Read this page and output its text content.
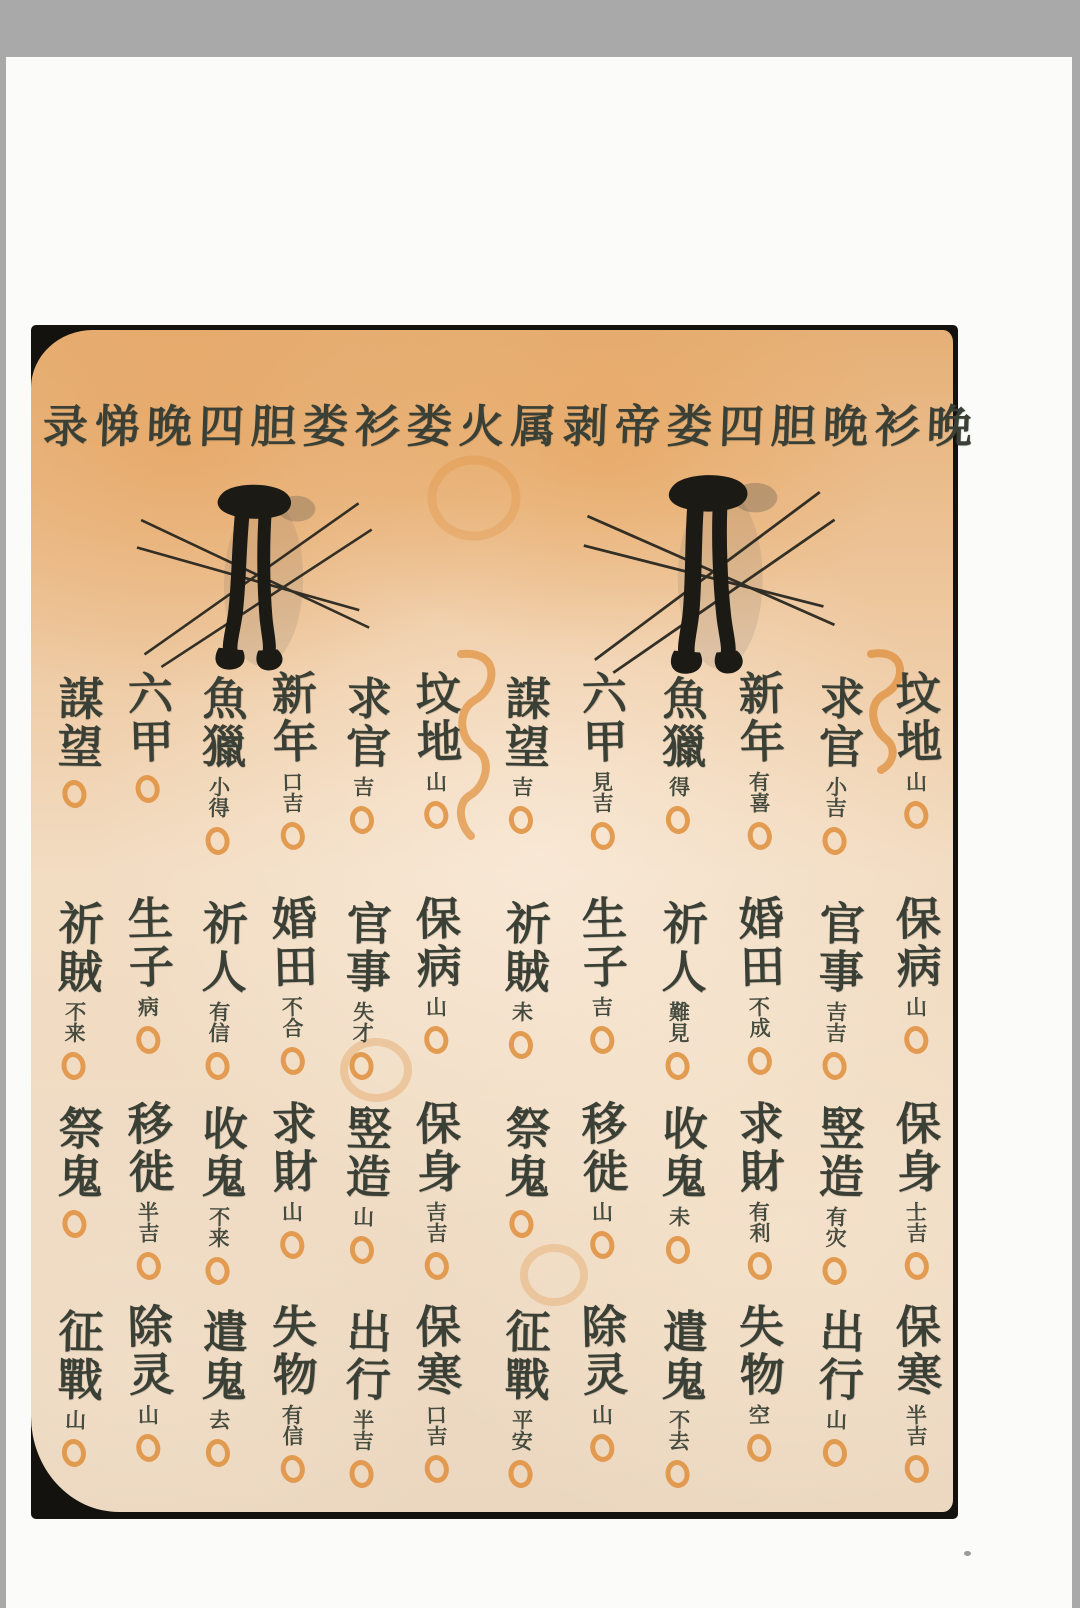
录悌晚四胆娄
衫娄
火属剥帝娄四胆
晚衫晚
坟地
山
求官
小吉
新年
有喜
魚獵
得
六甲
見吉
謀望
吉
保病
山
官事
吉吉
婚田
不成
祈人
難見
生子
吉
祈賊
未
保身
士吉
竪造
有灾
求財
有利
收鬼
未
移徙
山
祭鬼
保寒
半吉
出行
山
失物
空
遣鬼
不去
除灵
山
征戰
平安
坟地
山
求官
吉
新年
口吉
魚獵
小得
六甲
謀望
保病
山
官事
失才
婚田
不合
祈人
有信
生子
病
祈賊
不来
保身
吉吉
竪造
山
求財
山
收鬼
不来
移徙
半吉
祭鬼
保寒
口吉
出行
半吉
失物
有信
遣鬼
去
除灵
山
征戰
山
